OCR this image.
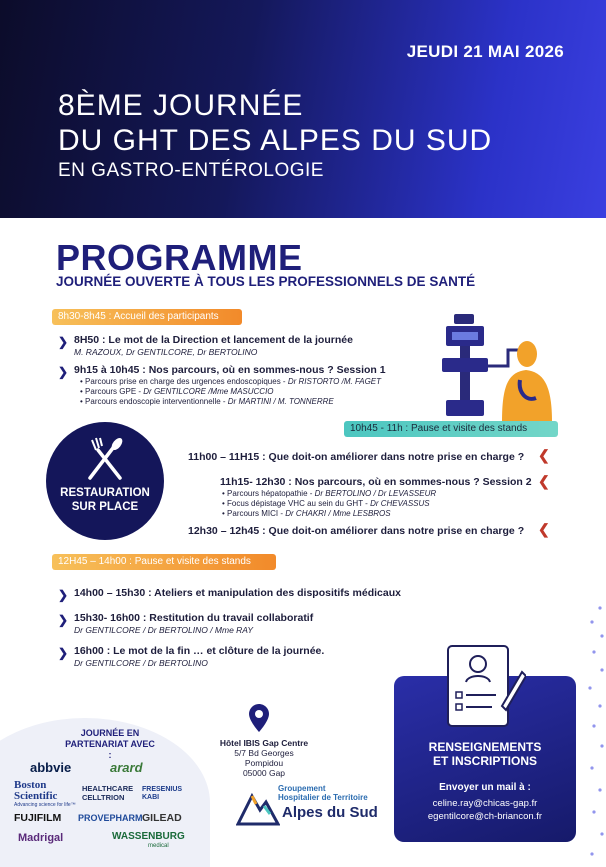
JEUDI 21 MAI 2026
8ÈME JOURNÉE
DU GHT DES ALPES DU SUD
EN GASTRO-ENTÉROLOGIE
PROGRAMME
JOURNÉE OUVERTE À TOUS LES PROFESSIONNELS DE SANTÉ
8h30-8h45 : Accueil des participants
❯ 8H50 : Le mot de la Direction et lancement de la journée
M. RAZOUX, Dr GENTILCORE, Dr BERTOLINO
❯ 9h15 à 10h45 : Nos parcours, où en sommes-nous ? Session 1
• Parcours prise en charge des urgences endoscopiques - Dr RISTORTO /M. FAGET
• Parcours GPE - Dr GENTILCORE /Mme MASUCCIO
• Parcours endoscopie interventionnelle - Dr MARTINI / M. TONNERRE
10h45 - 11h : Pause et visite des stands
RESTAURATION
SUR PLACE
11h00 – 11H15 : Que doit-on améliorer dans notre prise en charge ? ❮
11h15- 12h30 : Nos parcours, où en sommes-nous ? Session 2 ❮
• Parcours hépatopathie - Dr BERTOLINO / Dr LEVASSEUR
• Focus dépistage VHC au sein du GHT - Dr CHEVASSUS
• Parcours MICI - Dr CHAKRI / Mme LESBROS
12h30 – 12h45 : Que doit-on améliorer dans notre prise en charge ? ❮
12H45 – 14h00 : Pause et visite des stands
❯ 14h00 – 15h30 : Ateliers et manipulation des dispositifs médicaux
❯ 15h30- 16h00 : Restitution du travail collaboratif
Dr GENTILCORE / Dr BERTOLINO / Mme RAY
❯ 16h00 : Le mot de la fin … et clôture de la journée.
Dr GENTILCORE / Dr BERTOLINO
RENSEIGNEMENTS
ET INSCRIPTIONS
Envoyer un mail à :
celine.ray@chicas-gap.fr
egentilcore@ch-briancon.fr
JOURNÉE EN PARTENARIAT AVEC :
abbvie	arard
Boston Scientific
Advancing science for life™
HEALTHCARE CELLTRION
FRESENIUS KABI
FUJIFILM PROVEPHARM GILEAD
Madrigal	WASSENBURG
medical
Hôtel IBIS Gap Centre
5/7 Bd Georges Pompidou
05000 Gap
Groupement
Hospitalier de Territoire
Alpes du Sud
